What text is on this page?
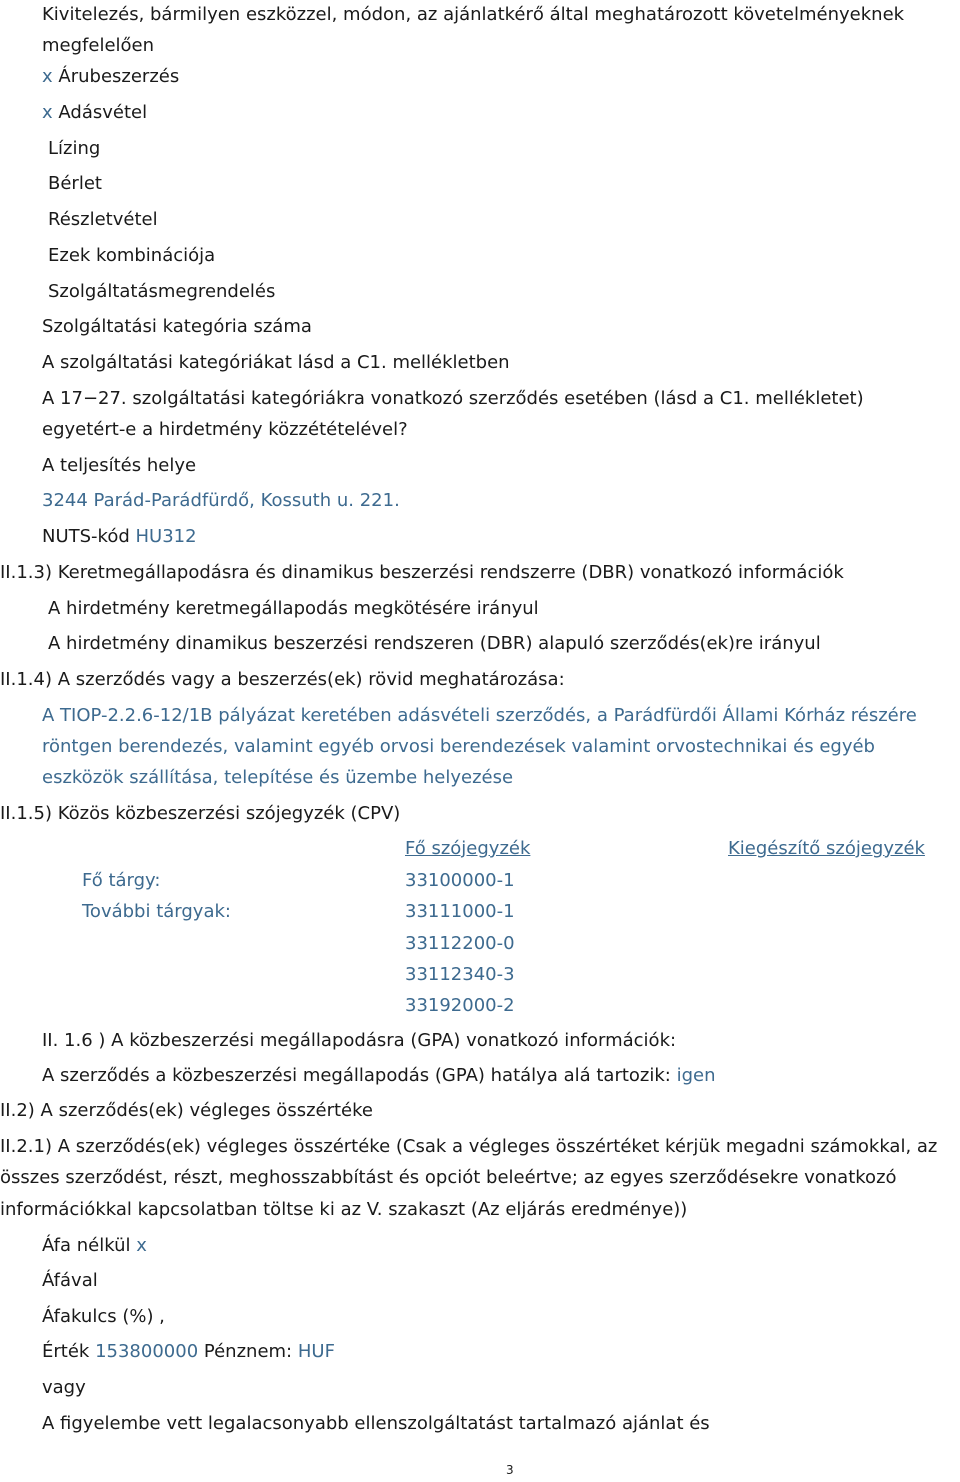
Kivitelezés, bármilyen eszközzel, módon, az ajánlatkérő által meghatározott követelményeknek

megfelelően

x Árubeszerzés

x Adásvétel

Lízing

Bérlet

Részletvétel

Ezek kombinációja

Szolgáltatásmegrendelés

Szolgáltatási kategória száma

A szolgáltatási kategóriákat lásd a C1. mellékletben

A 17−27. szolgáltatási kategóriákra vonatkozó szerződés esetében (lásd a C1. mellékletet)

egyetért-e a hirdetmény közzétételével?

A teljesítés helye

3244 Parád-Parádfürdő, Kossuth u. 221.

NUTS-kód HU312

II.1.3) Keretmegállapodásra és dinamikus beszerzési rendszerre (DBR) vonatkozó információk

A hirdetmény keretmegállapodás megkötésére irányul

A hirdetmény dinamikus beszerzési rendszeren (DBR) alapuló szerződés(ek)re irányul

II.1.4) A szerződés vagy a beszerzés(ek) rövid meghatározása:

A TIOP-2.2.6-12/1B pályázat keretében adásvételi szerződés, a Parádfürdői Állami Kórház részére

röntgen berendezés, valamint egyéb orvosi berendezések valamint orvostechnikai és egyéb

eszközök szállítása, telepítése és üzembe helyezése

II.1.5) Közös közbeszerzési szójegyzék (CPV)

Fő szójegyzék	Kiegészítő szójegyzék

Fő tárgy:	33100000-1

További tárgyak:	33111000-1

33112200-0

33112340-3

33192000-2

II. 1.6 ) A közbeszerzési megállapodásra (GPA) vonatkozó információk:

A szerződés a közbeszerzési megállapodás (GPA) hatálya alá tartozik: igen

II.2) A szerződés(ek) végleges összértéke

II.2.1) A szerződés(ek) végleges összértéke (Csak a végleges összértéket kérjük megadni számokkal, az

összes szerződést, részt, meghosszabbítást és opciót beleértve; az egyes szerződésekre vonatkozó

információkkal kapcsolatban töltse ki az V. szakaszt (Az eljárás eredménye))

Áfa nélkül x

Áfával

Áfakulcs (%) ,

Érték 153800000 Pénznem: HUF

vagy

A figyelembe vett legalacsonyabb ellenszolgáltatást tartalmazó ajánlat és

3
